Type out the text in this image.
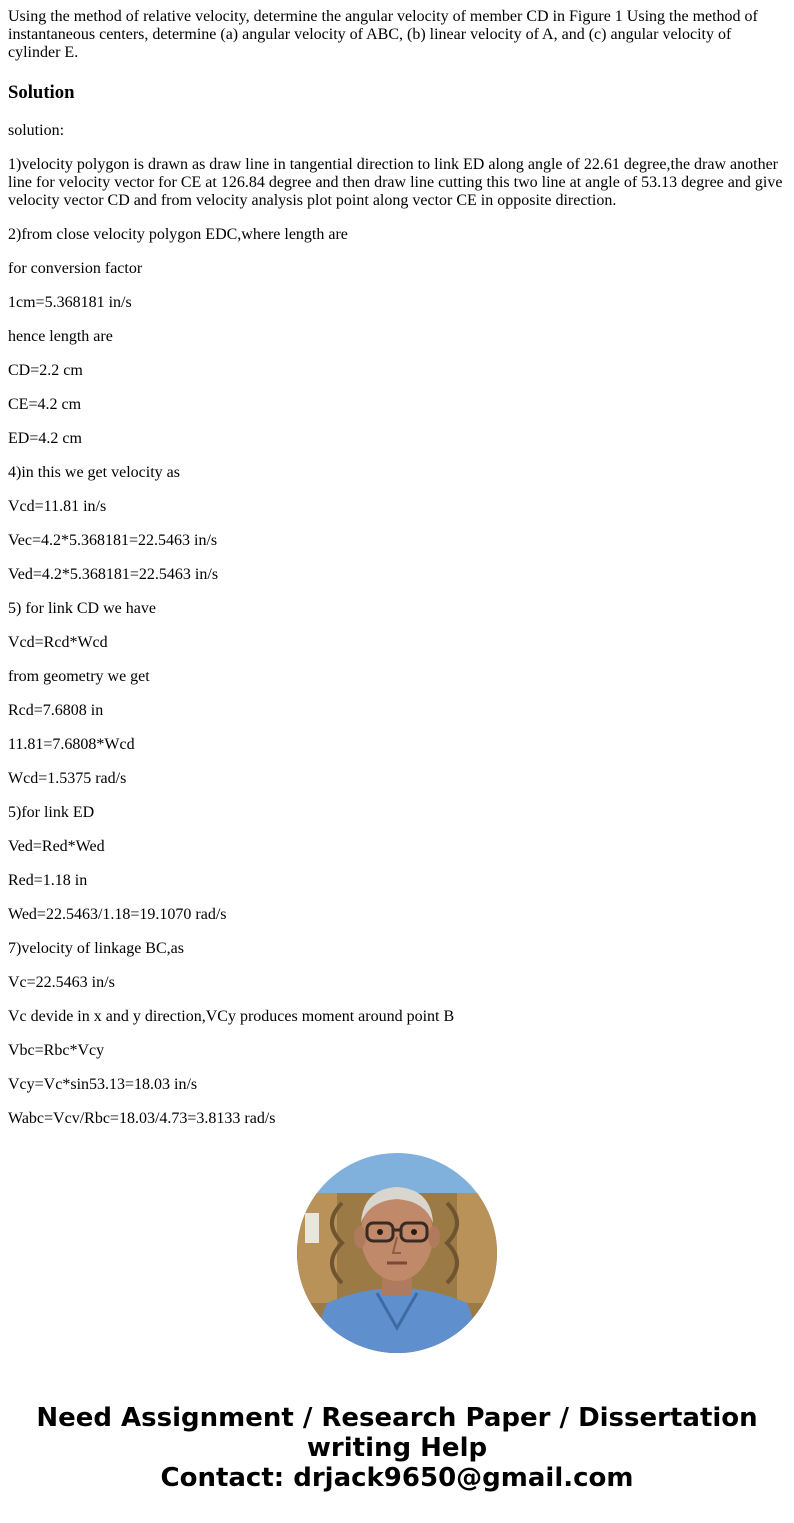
Using the method of relative velocity, determine the angular velocity of member CD in Figure 1 Using the method of instantaneous centers, determine (a) angular velocity of ABC, (b) linear velocity of A, and (c) angular velocity of cylinder E.

Solution

solution:

1)velocity polygon is drawn as draw line in tangential direction to link ED along angle of 22.61 degree,the draw another line for velocity vector for CE at 126.84 degree and then draw line cutting this two line at angle of 53.13 degree and give velocity vector CD and from velocity analysis plot point along vector CE in opposite direction.

2)from close velocity polygon EDC,where length are

for conversion factor

1cm=5.368181 in/s

hence length are

CD=2.2 cm

CE=4.2 cm

ED=4.2 cm

4)in this we get velocity as

Vcd=11.81 in/s

Vec=4.2*5.368181=22.5463 in/s

Ved=4.2*5.368181=22.5463 in/s

5) for link CD we have

Vcd=Rcd*Wcd

from geometry we get

Rcd=7.6808 in

11.81=7.6808*Wcd

Wcd=1.5375 rad/s

5)for link ED

Ved=Red*Wed

Red=1.18 in

Wed=22.5463/1.18=19.1070 rad/s

7)velocity of linkage BC,as

Vc=22.5463 in/s

Vc devide in x and y direction,VCy produces moment around point B

Vbc=Rbc*Vcy

Vcy=Vc*sin53.13=18.03 in/s

Wabc=Vcv/Rbc=18.03/4.73=3.8133 rad/s

Need Assignment / Research Paper / Dissertation
writing Help
Contact: drjack9650@gmail.com
